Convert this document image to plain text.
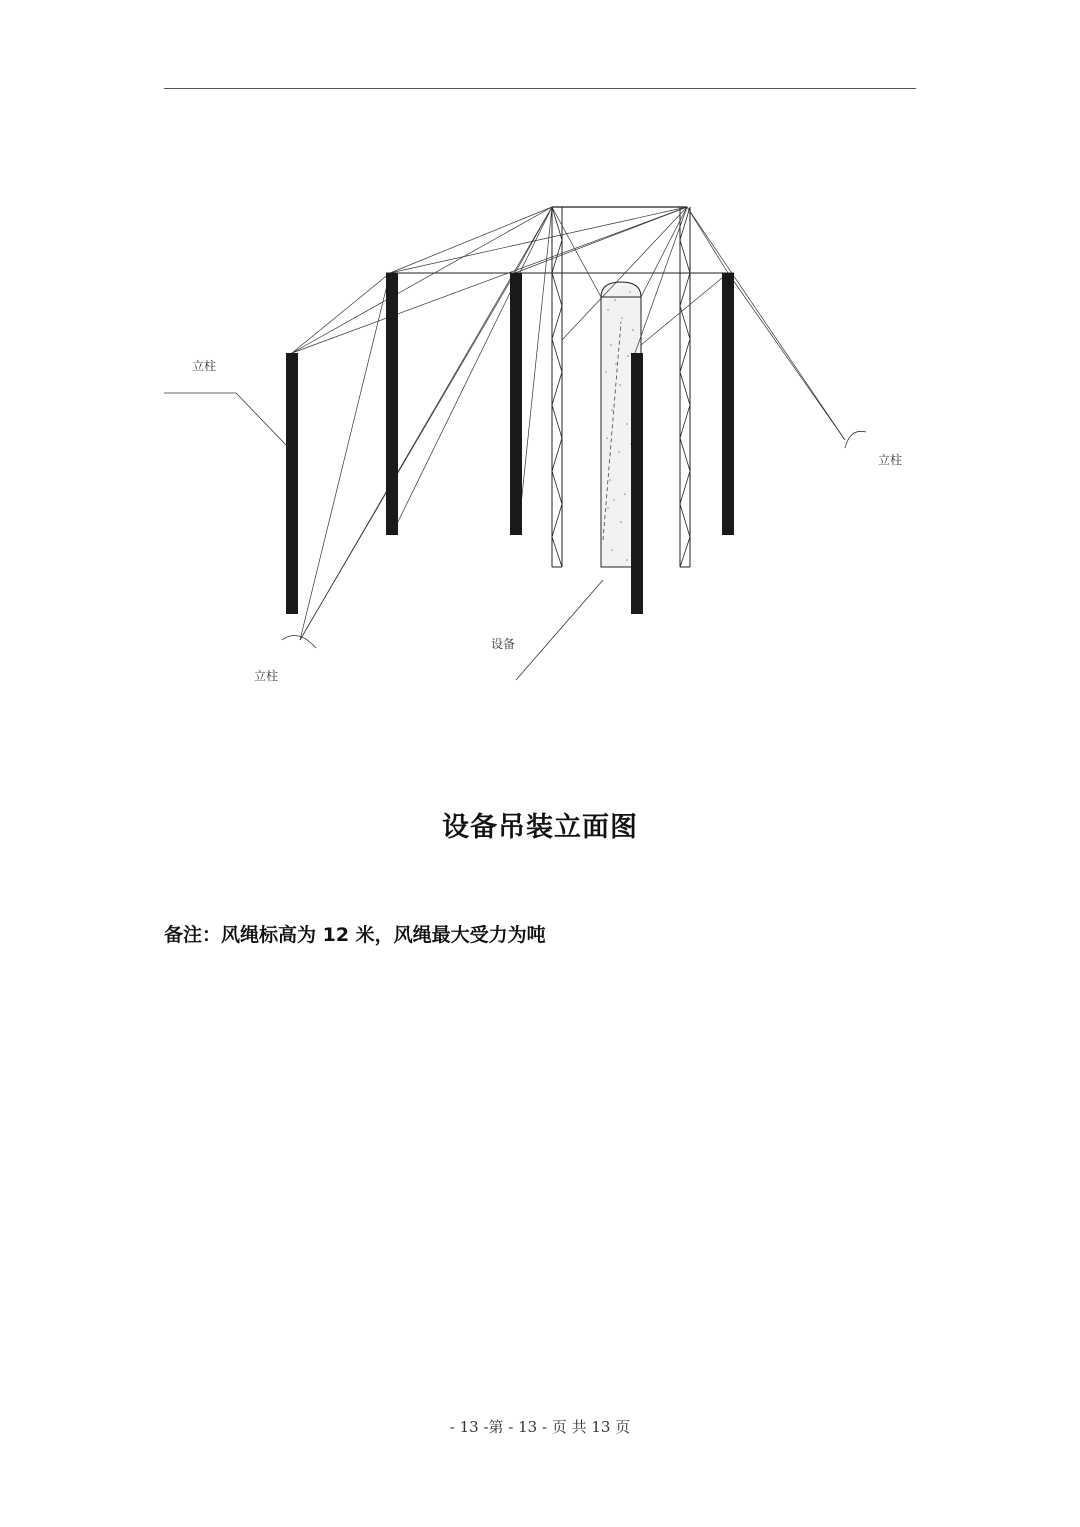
立柱
立柱
立柱
设备
设备吊装立面图
备注：风绳标高为 12 米，风绳最大受力为吨
- 13 -第 - 13 - 页 共 13 页
